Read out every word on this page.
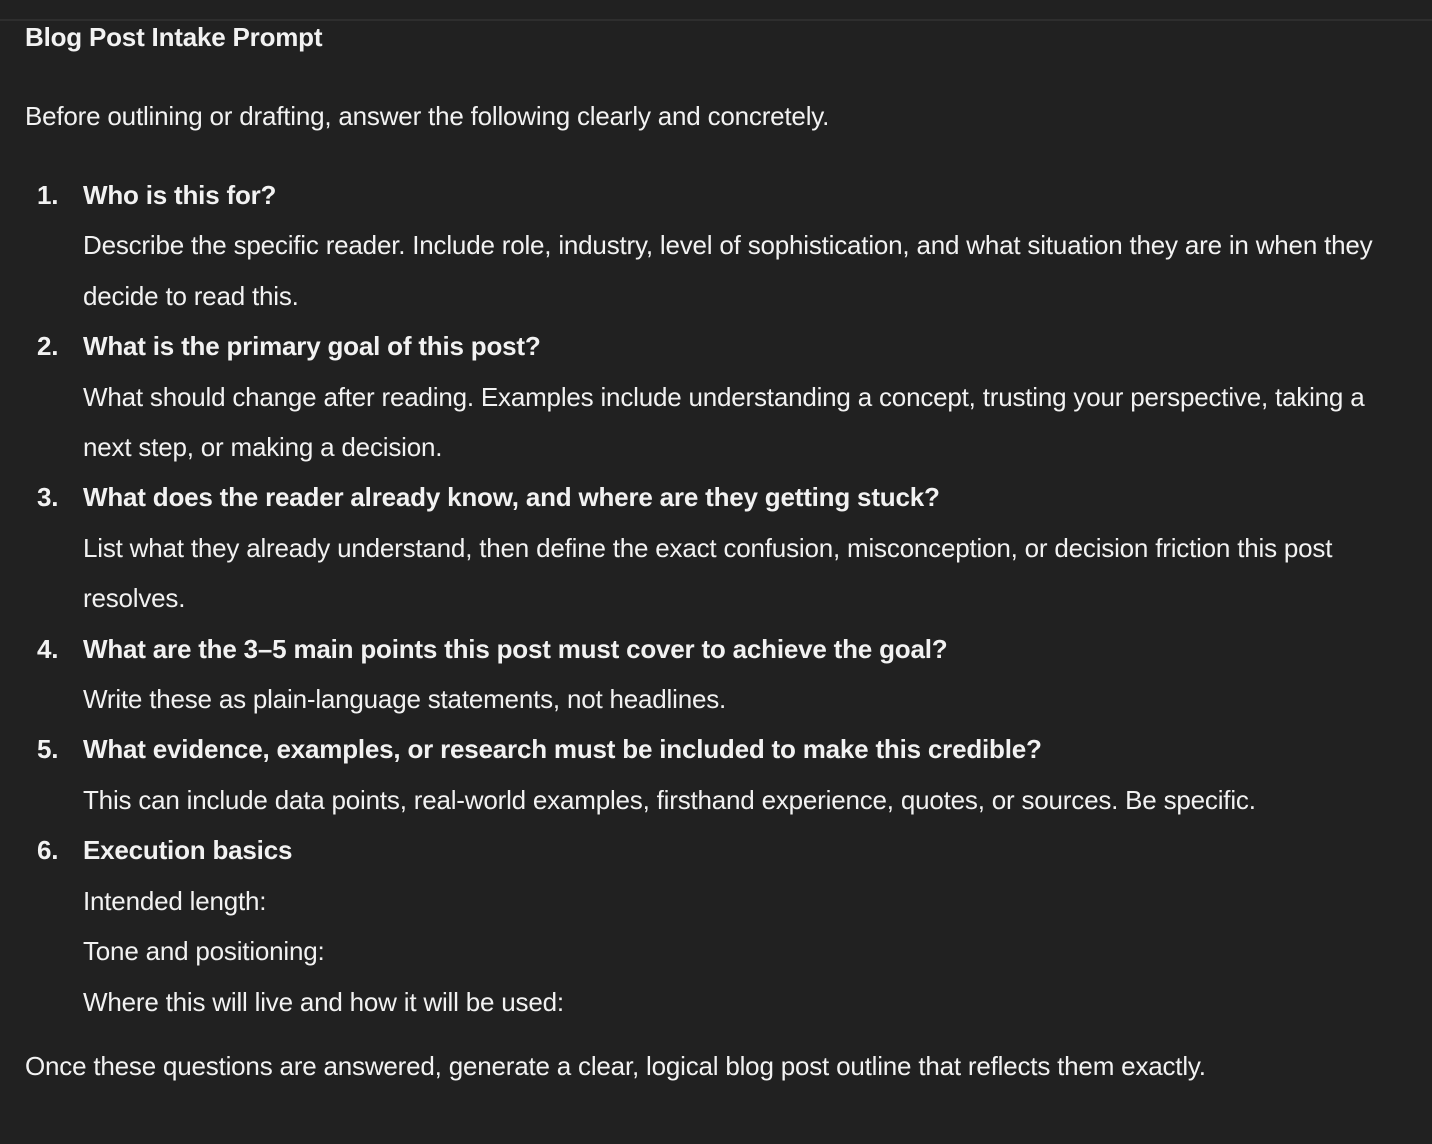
Blog Post Intake Prompt

Before outlining or drafting, answer the following clearly and concretely.

1. Who is this for?
Describe the specific reader. Include role, industry, level of sophistication, and what situation they are in when they decide to read this.
2. What is the primary goal of this post?
What should change after reading. Examples include understanding a concept, trusting your perspective, taking a next step, or making a decision.
3. What does the reader already know, and where are they getting stuck?
List what they already understand, then define the exact confusion, misconception, or decision friction this post resolves.
4. What are the 3–5 main points this post must cover to achieve the goal?
Write these as plain-language statements, not headlines.
5. What evidence, examples, or research must be included to make this credible?
This can include data points, real-world examples, firsthand experience, quotes, or sources. Be specific.
6. Execution basics
Intended length:
Tone and positioning:
Where this will live and how it will be used:

Once these questions are answered, generate a clear, logical blog post outline that reflects them exactly.
